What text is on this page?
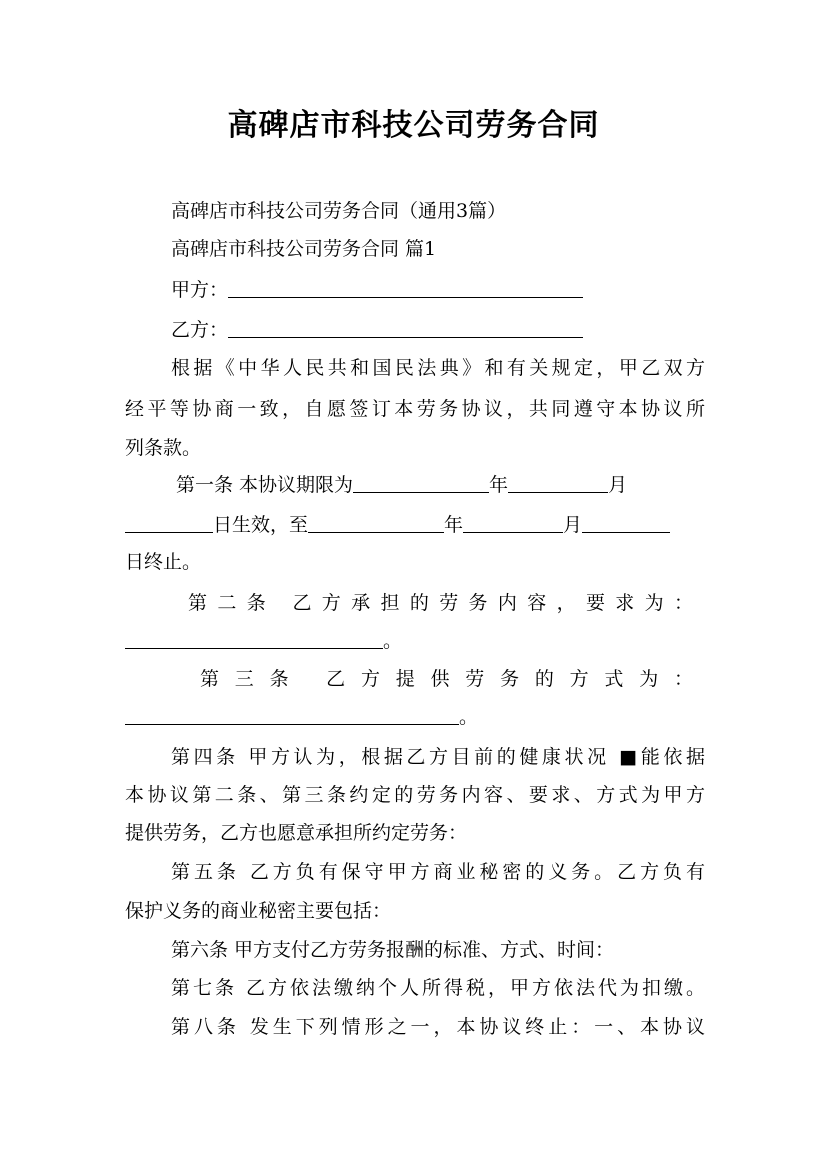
高碑店市科技公司劳务合同
高碑店市科技公司劳务合同（通用3篇）
高碑店市科技公司劳务合同 篇1
甲方：
乙方：
根据《中华人民共和国民法典》和有关规定，甲乙双方
经平等协商一致，自愿签订本劳务协议，共同遵守本协议所
列条款。
第一条 本协议期限为	年	月
日生效，至	年	月
日终止。
第二条 乙方承担的劳务内容，要求为：
。
第三条 乙方提供劳务的方式为：
。
第四条 甲方认为，根据乙方目前的健康状况 ■能依据
本协议第二条、第三条约定的劳务内容、要求、方式为甲方
提供劳务，乙方也愿意承担所约定劳务：
第五条 乙方负有保守甲方商业秘密的义务。乙方负有
保护义务的商业秘密主要包括：
第六条 甲方支付乙方劳务报酬的标准、方式、时间：
第七条 乙方依法缴纳个人所得税，甲方依法代为扣缴。
第八条 发生下列情形之一，本协议终止：一、本协议
